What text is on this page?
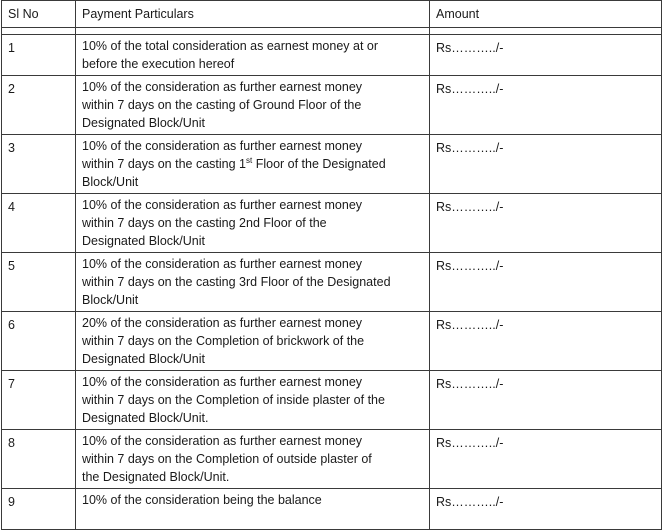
Sl No	Payment Particulars	Amount

1	10% of the total consideration as earnest money at or
before the execution hereof	Rs………../-
2	10% of the consideration as further earnest money
within 7 days on the casting of Ground Floor of the
Designated Block/Unit	Rs………../-
3	10% of the consideration as further earnest money
within 7 days on the casting 1st Floor of the Designated
Block/Unit	Rs………../-
4	10% of the consideration as further earnest money
within 7 days on the casting 2nd Floor of the
Designated Block/Unit	Rs………../-
5	10% of the consideration as further earnest money
within 7 days on the casting 3rd Floor of the Designated
Block/Unit	Rs………../-
6	20% of the consideration as further earnest money
within 7 days on the Completion of brickwork of the
Designated Block/Unit	Rs………../-
7	10% of the consideration as further earnest money
within 7 days on the Completion of inside plaster of the
Designated Block/Unit.	Rs………../-
8	10% of the consideration as further earnest money
within 7 days on the Completion of outside plaster of
the Designated Block/Unit.	Rs………../-
9	10% of the consideration being the balance	Rs………../-
